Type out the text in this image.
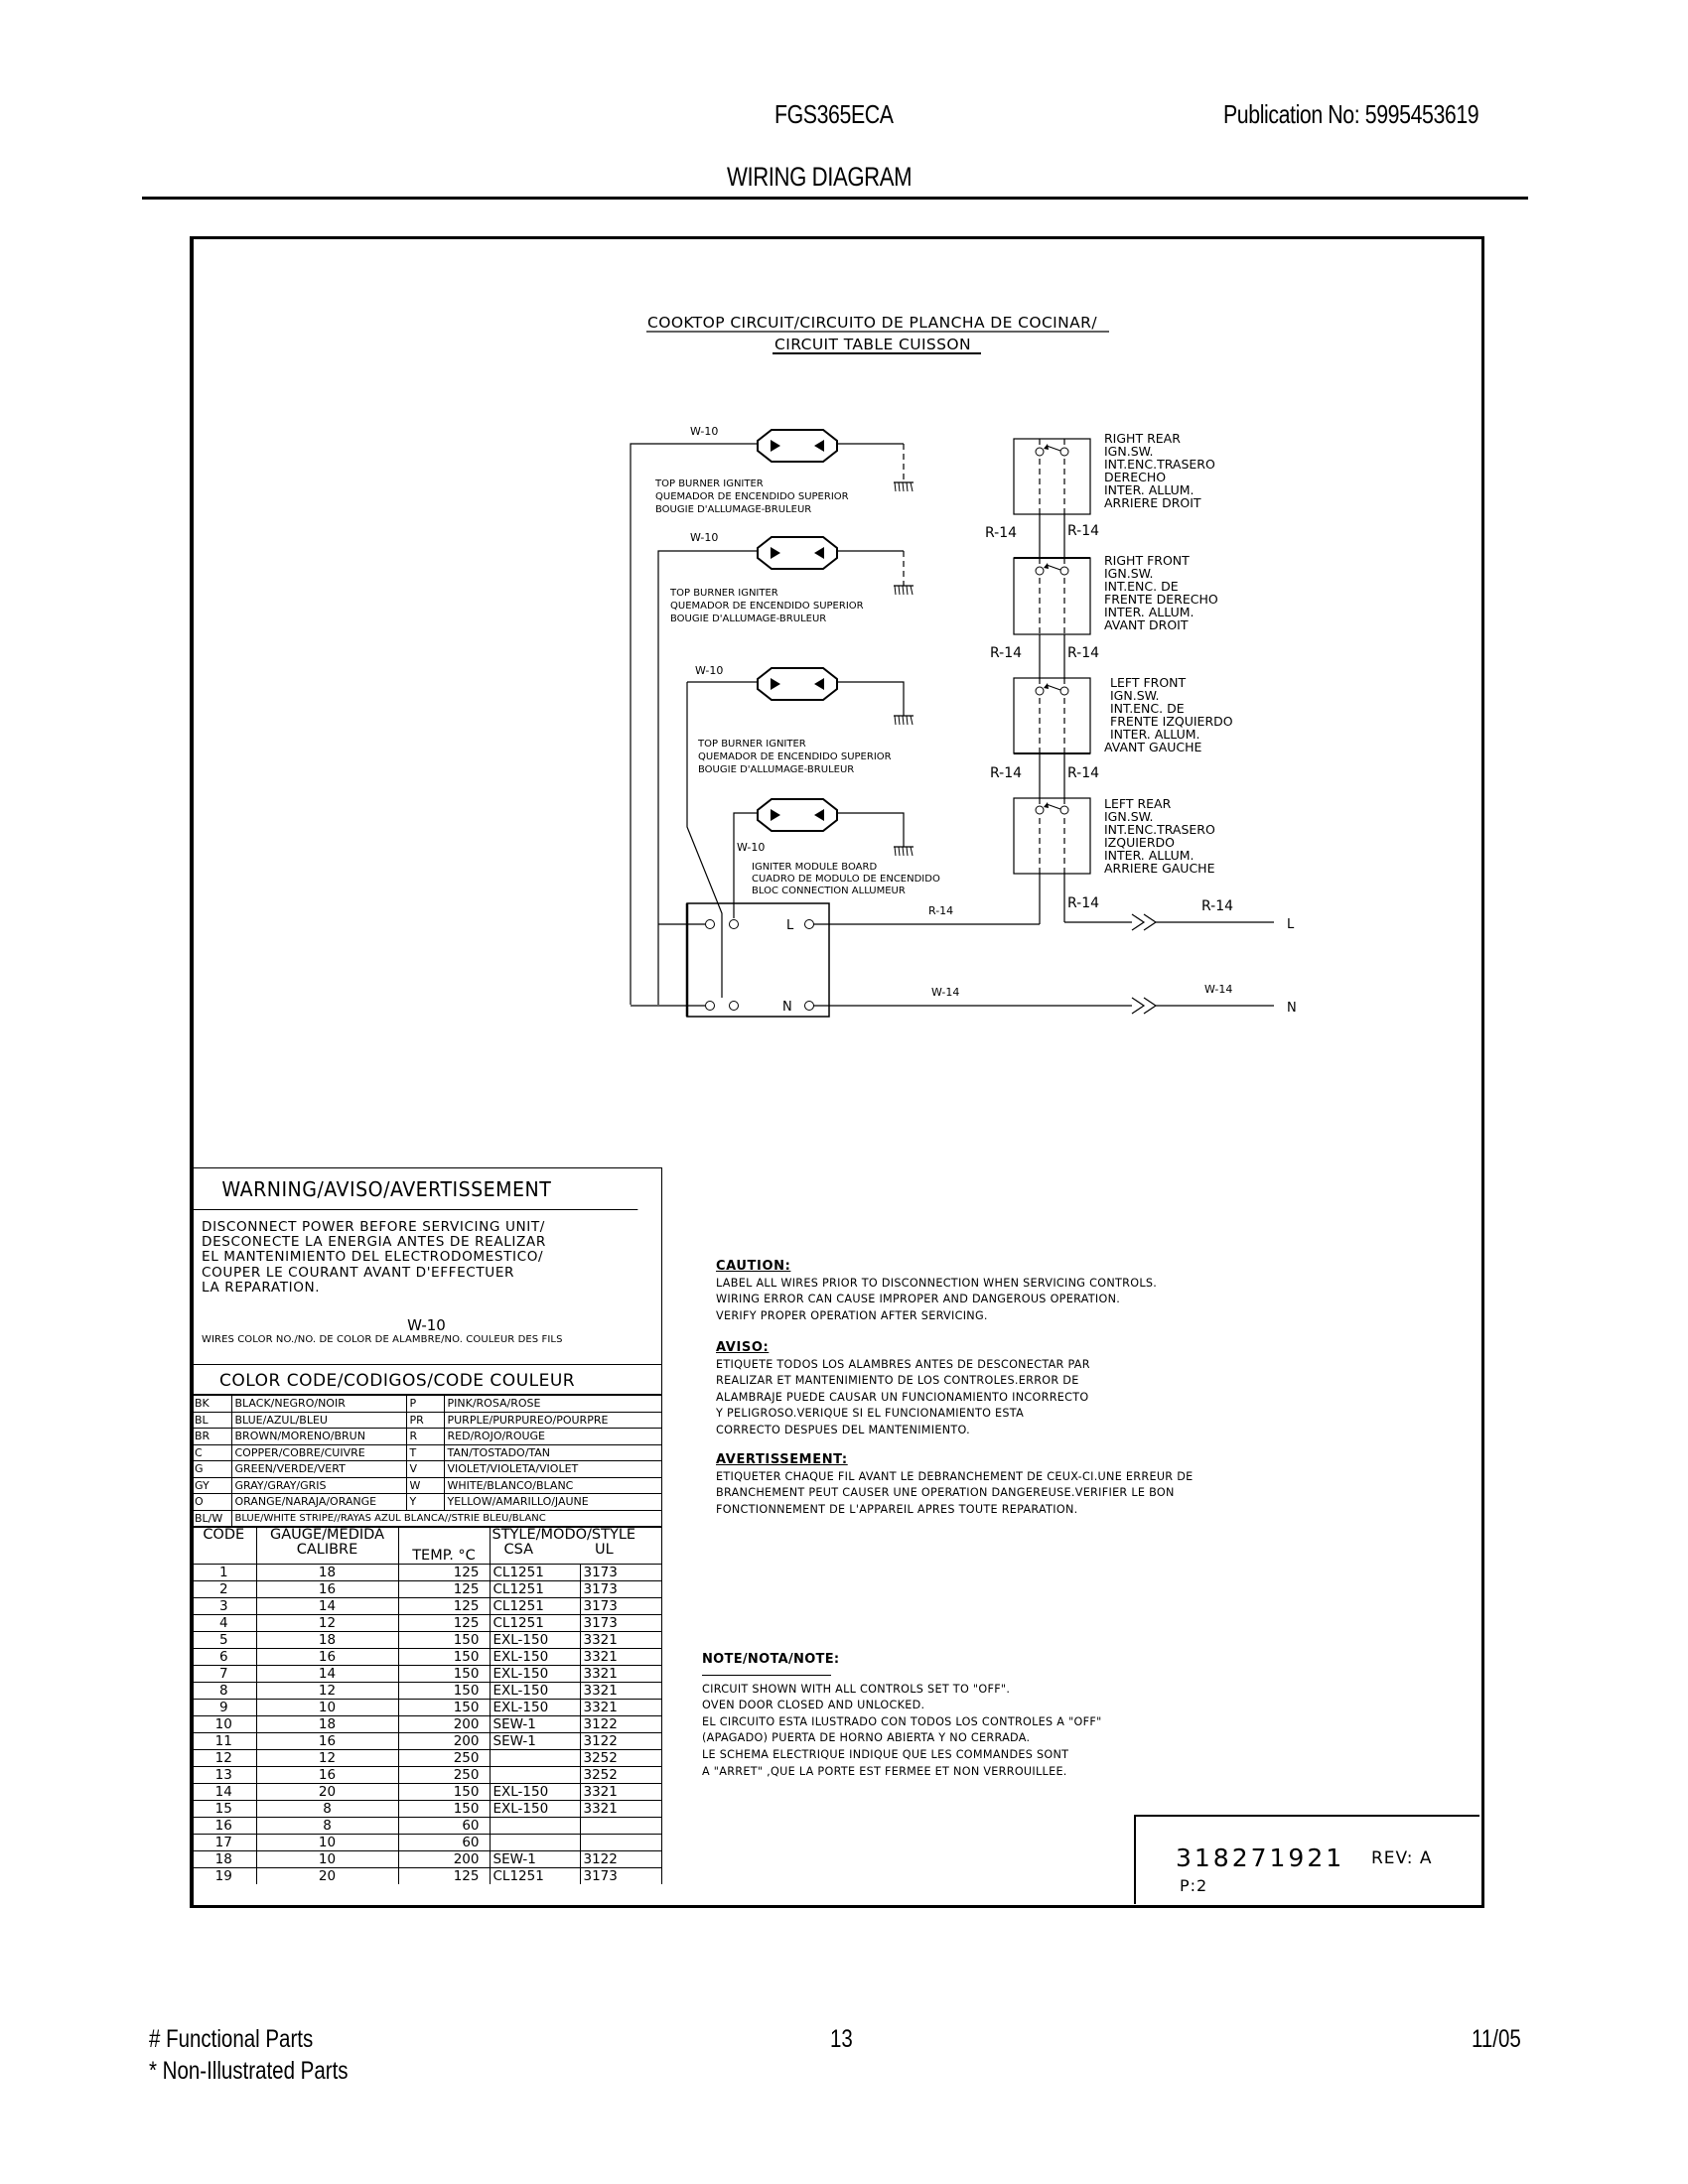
FGS365ECA	Publication No: 5995453619
WIRING DIAGRAM
COOKTOP CIRCUIT/CIRCUITO DE PLANCHA DE COCINAR/
CIRCUIT TABLE CUISSON
W-10
TOP BURNER IGNITER
QUEMADOR DE ENCENDIDO SUPERIOR
BOUGIE D'ALLUMAGE-BRULEUR
W-10
TOP BURNER IGNITER
QUEMADOR DE ENCENDIDO SUPERIOR
BOUGIE D'ALLUMAGE-BRULEUR
W-10
TOP BURNER IGNITER
QUEMADOR DE ENCENDIDO SUPERIOR
BOUGIE D'ALLUMAGE-BRULEUR
W-10
IGNITER MODULE BOARD
CUADRO DE MODULO DE ENCENDIDO
BLOC CONNECTION ALLUMEUR
L
N
RIGHT REAR
IGN.SW.
INT.ENC.TRASERO
DERECHO
INTER. ALLUM.
ARRIERE DROIT
RIGHT FRONT
IGN.SW.
INT.ENC. DE
FRENTE DERECHO
INTER. ALLUM.
AVANT DROIT
LEFT FRONT
IGN.SW.
INT.ENC. DE
FRENTE IZQUIERDO
INTER. ALLUM.
AVANT GAUCHE
LEFT REAR
IGN.SW.
INT.ENC.TRASERO
IZQUIERDO
INTER. ALLUM.
ARRIERE GAUCHE
R-14	R-14
R-14	R-14
R-14	R-14
R-14	R-14	R-14
L
W-14	W-14
N
WARNING/AVISO/AVERTISSEMENT
DISCONNECT POWER BEFORE SERVICING UNIT/
DESCONECTE LA ENERGIA ANTES DE REALIZAR
EL MANTENIMIENTO DEL ELECTRODOMESTICO/
COUPER LE COURANT AVANT D'EFFECTUER
LA REPARATION.
W-10
WIRES COLOR NO./NO. DE COLOR DE ALAMBRE/NO. COULEUR DES FILS
COLOR CODE/CODIGOS/CODE COULEUR
BK	BLACK/NEGRO/NOIR	P	PINK/ROSA/ROSE
BL	BLUE/AZUL/BLEU	PR	PURPLE/PURPUREO/POURPRE
BR	BROWN/MORENO/BRUN	R	RED/ROJO/ROUGE
C	COPPER/COBRE/CUIVRE	T	TAN/TOSTADO/TAN
G	GREEN/VERDE/VERT	V	VIOLET/VIOLETA/VIOLET
GY	GRAY/GRAY/GRIS	W	WHITE/BLANCO/BLANC
O	ORANGE/NARAJA/ORANGE	Y	YELLOW/AMARILLO/JAUNE
BL/W	BLUE/WHITE STRIPE//RAYAS AZUL BLANCA//STRIE BLEU/BLANC		
CODE	GAUGE/MEDIDA
CALIBRE	TEMP. °C	STYLE/MODO/STYLE
CSA UL	
1	18	125	CL1251	3173
2	16	125	CL1251	3173
3	14	125	CL1251	3173
4	12	125	CL1251	3173
5	18	150	EXL-150	3321
6	16	150	EXL-150	3321
7	14	150	EXL-150	3321
8	12	150	EXL-150	3321
9	10	150	EXL-150	3321
10	18	200	SEW-1	3122
11	16	200	SEW-1	3122
12	12	250		3252
13	16	250		3252
14	20	150	EXL-150	3321
15	8	150	EXL-150	3321
16	8	60		
17	10	60		
18	10	200	SEW-1	3122
19	20	125	CL1251	3173
CAUTION:
LABEL ALL WIRES PRIOR TO DISCONNECTION WHEN SERVICING CONTROLS.
WIRING ERROR CAN CAUSE IMPROPER AND DANGEROUS OPERATION.
VERIFY PROPER OPERATION AFTER SERVICING.
AVISO:
ETIQUETE TODOS LOS ALAMBRES ANTES DE DESCONECTAR PAR
REALIZAR ET MANTENIMIENTO DE LOS CONTROLES.ERROR DE
ALAMBRAJE PUEDE CAUSAR UN FUNCIONAMIENTO INCORRECTO
Y PELIGROSO.VERIQUE SI EL FUNCIONAMIENTO ESTA
CORRECTO DESPUES DEL MANTENIMIENTO.
AVERTISSEMENT:
ETIQUETER CHAQUE FIL AVANT LE DEBRANCHEMENT DE CEUX-CI.UNE ERREUR DE
BRANCHEMENT PEUT CAUSER UNE OPERATION DANGEREUSE.VERIFIER LE BON
FONCTIONNEMENT DE L'APPAREIL APRES TOUTE REPARATION.
NOTE/NOTA/NOTE:
CIRCUIT SHOWN WITH ALL CONTROLS SET TO "OFF".
OVEN DOOR CLOSED AND UNLOCKED.
EL CIRCUITO ESTA ILUSTRADO CON TODOS LOS CONTROLES A "OFF"
(APAGADO) PUERTA DE HORNO ABIERTA Y NO CERRADA.
LE SCHEMA ELECTRIQUE INDIQUE QUE LES COMMANDES SONT
A "ARRET" ,QUE LA PORTE EST FERMEE ET NON VERROUILLEE.
318271921 REV: A
P:2
# Functional Parts
* Non-Illustrated Parts
13	11/05
